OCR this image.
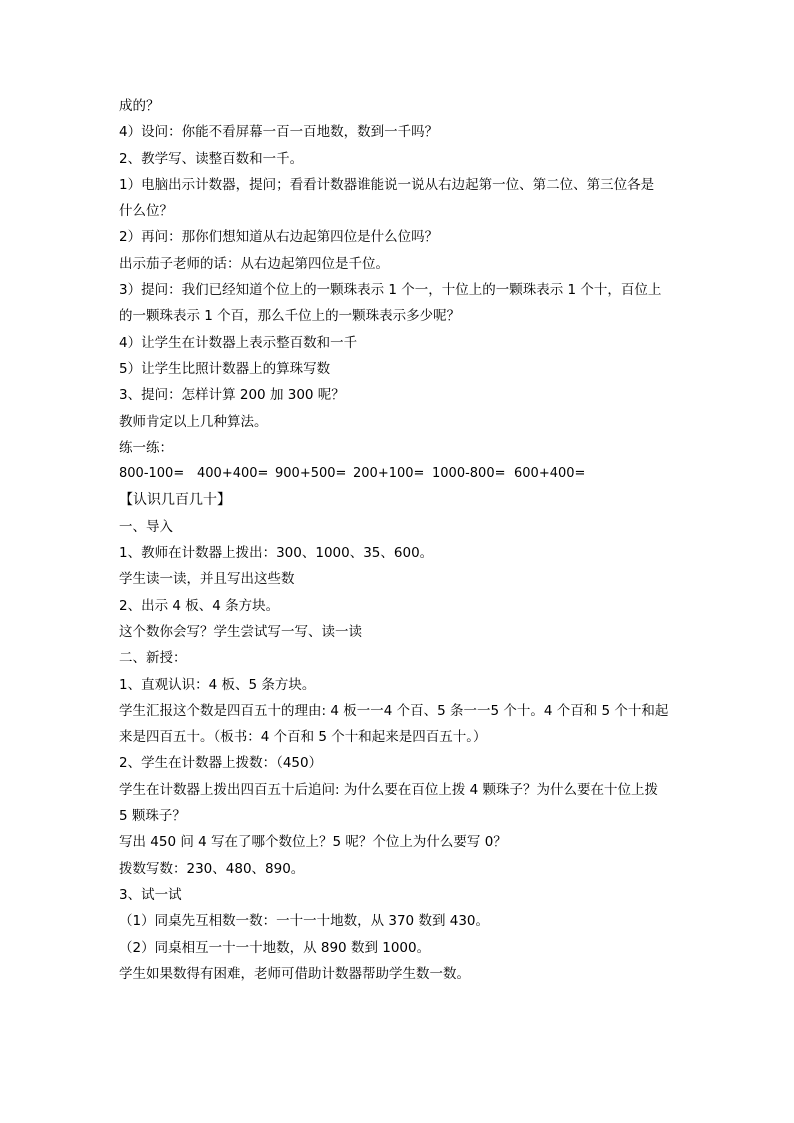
成的？
4）设问：你能不看屏幕一百一百地数，数到一千吗？
2、教学写、读整百数和一千。
1）电脑出示计数器，提问；看看计数器谁能说一说从右边起第一位、第二位、第三位各是
什么位？
2）再问：那你们想知道从右边起第四位是什么位吗？
出示茄子老师的话：从右边起第四位是千位。
3）提问：我们已经知道个位上的一颗珠表示 1 个一，十位上的一颗珠表示 1 个十，百位上
的一颗珠表示 1 个百，那么千位上的一颗珠表示多少呢？
4）让学生在计数器上表示整百数和一千
5）让学生比照计数器上的算珠写数
3、提问：怎样计算 200 加 300 呢？
教师肯定以上几种算法。
练一练：
800-100= 400+400= 900+500= 200+100= 1000-800= 600+400=
【认识几百几十】
一、导入
1、教师在计数器上拨出：300、1000、35、600。
学生读一读，并且写出这些数
2、出示 4 板、4 条方块。
这个数你会写？学生尝试写一写、读一读
二、新授：
1、直观认识：4 板、5 条方块。
学生汇报这个数是四百五十的理由: 4 板一一4 个百、5 条一一5 个十。4 个百和 5 个十和起
来是四百五十。（板书：4 个百和 5 个十和起来是四百五十。）
2、学生在计数器上拨数：（450）
学生在计数器上拨出四百五十后追问: 为什么要在百位上拨 4 颗珠子？为什么要在十位上拨
5 颗珠子？
写出 450 问 4 写在了哪个数位上？5 呢？个位上为什么要写 0？
拨数写数：230、480、890。
3、试一试
（1）同桌先互相数一数：一十一十地数，从 370 数到 430。
（2）同桌相互一十一十地数，从 890 数到 1000。
学生如果数得有困难，老师可借助计数器帮助学生数一数。
